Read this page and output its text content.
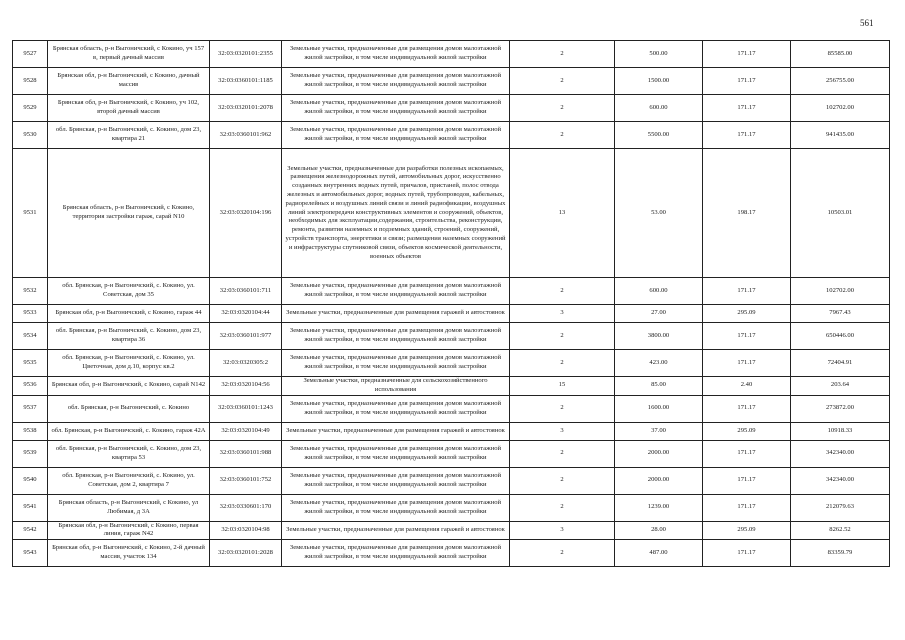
561
9527	Брянская область, р-н Выгоничский, с Кокино, уч 157 в, первый дачный массив	32:03:0320101:2355	Земельные участки, предназначенные для размещения домов малоэтажной жилой застройки, в том числе индивидуальной жилой застройки	2	500.00	171.17	85585.00
9528	Брянская обл, р-н Выгоничский, с Кокино, дачный массив	32:03:0360101:1185	Земельные участки, предназначенные для размещения домов малоэтажной жилой застройки, в том числе индивидуальной жилой застройки	2	1500.00	171.17	256755.00
9529	Брянская обл, р-н Выгоничский, с Кокино, уч 102, второй дачный массив	32:03:0320101:2078	Земельные участки, предназначенные для размещения домов малоэтажной жилой застройки, в том числе индивидуальной жилой застройки	2	600.00	171.17	102702.00
9530	обл. Брянская, р-н Выгоничский, с. Кокино, дом 23, квартира 21	32:03:0360101:962	Земельные участки, предназначенные для размещения домов малоэтажной жилой застройки, в том числе индивидуальной жилой застройки	2	5500.00	171.17	941435.00
9531	Брянская область, р-н Выгоничский, с Кокино, территория застройки гараж, сарай N10	32:03:0320104:196	Земельные участки, предназначенные для разработки полезных ископаемых, размещения железнодорожных путей, автомобильных дорог, искусственно созданных внутренних водных путей, причалов, пристаней, полос отвода железных и автомобильных дорог, водных путей, трубопроводов, кабельных, радиорелейных и воздушных линий связи и линий радиофикации, воздушных линий электропередачи конструктивных элементов и сооружений, объектов, необходимых для эксплуатации,содержания, строительства, реконструкции, ремонта, развития наземных и подземных зданий, строений, сооружений, устройств транспорта, энергетики и связи; размещения наземных сооружений и инфраструктуры спутниковой связи, объектов космической деятельности, военных объектов	13	53.00	198.17	10503.01
9532	обл. Брянская, р-н Выгоничский, с. Кокино, ул. Советская, дом 35	32:03:0360101:711	Земельные участки, предназначенные для размещения домов малоэтажной жилой застройки, в том числе индивидуальной жилой застройки	2	600.00	171.17	102702.00
9533	Брянская обл, р-н Выгоничский, с Кокино, гараж 44	32:03:0320104:44	Земельные участки, предназначенные для размещения гаражей и автостоянок	3	27.00	295.09	7967.43
9534	обл. Брянская, р-н Выгоничский, с. Кокино, дом 23, квартира 36	32:03:0360101:977	Земельные участки, предназначенные для размещения домов малоэтажной жилой застройки, в том числе индивидуальной жилой застройки	2	3800.00	171.17	650446.00
9535	обл. Брянская, р-н Выгоничский, с. Кокино, ул. Цветочная, дом д.10, корпус кв.2	32:03:0320305:2	Земельные участки, предназначенные для размещения домов малоэтажной жилой застройки, в том числе индивидуальной жилой застройки	2	423.00	171.17	72404.91
9536	Брянская обл, р-н Выгоничский, с Кокино, сарай N142	32:03:0320104:56	Земельные участки, предназначенные для сельскохозяйственного использования	15	85.00	2.40	203.64
9537	обл. Брянская, р-н Выгоничский, с. Кокино	32:03:0360101:1243	Земельные участки, предназначенные для размещения домов малоэтажной жилой застройки, в том числе индивидуальной жилой застройки	2	1600.00	171.17	273872.00
9538	обл. Брянская, р-н Выгоничский, с. Кокино, гараж 42А	32:03:0320104:49	Земельные участки, предназначенные для размещения гаражей и автостоянок	3	37.00	295.09	10918.33
9539	обл. Брянская, р-н Выгоничский, с. Кокино, дом 23, квартира 53	32:03:0360101:988	Земельные участки, предназначенные для размещения домов малоэтажной жилой застройки, в том числе индивидуальной жилой застройки	2	2000.00	171.17	342340.00
9540	обл. Брянская, р-н Выгоничский, с. Кокино, ул. Советская, дом 2, квартира 7	32:03:0360101:752	Земельные участки, предназначенные для размещения домов малоэтажной жилой застройки, в том числе индивидуальной жилой застройки	2	2000.00	171.17	342340.00
9541	Брянская область, р-н Выгоничский, с Кокино, ул Любимая, д 3А	32:03:0330601:170	Земельные участки, предназначенные для размещения домов малоэтажной жилой застройки, в том числе индивидуальной жилой застройки	2	1239.00	171.17	212079.63
9542	Брянская обл, р-н Выгоничский, с Кокино, первая линия, гараж N42	32:03:0320104:98	Земельные участки, предназначенные для размещения гаражей и автостоянок	3	28.00	295.09	8262.52
9543	Брянская обл, р-н Выгоничский, с Кокино, 2-й дачный массив, участок 134	32:03:0320101:2028	Земельные участки, предназначенные для размещения домов малоэтажной жилой застройки, в том числе индивидуальной жилой застройки	2	487.00	171.17	83359.79
